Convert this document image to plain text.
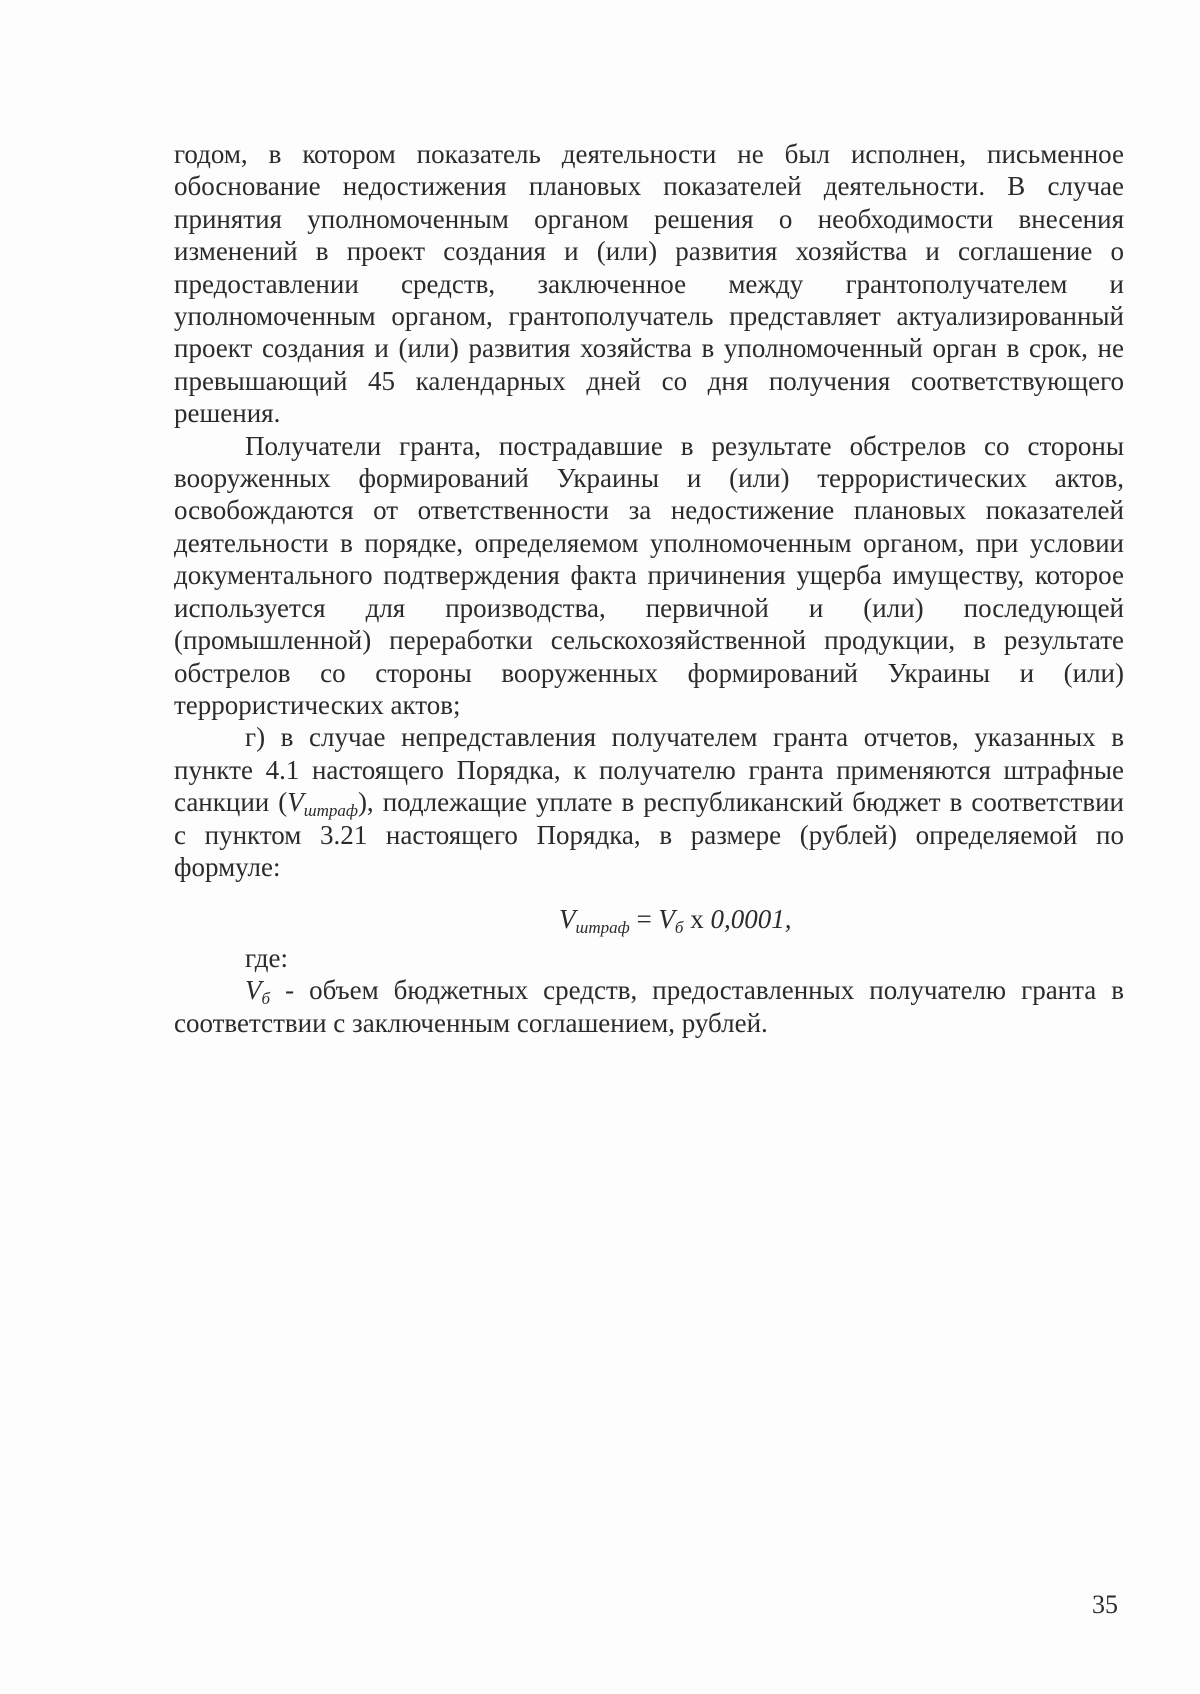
годом, в котором показатель деятельности не был исполнен, письменное обоснование недостижения плановых показателей деятельности. В случае принятия уполномоченным органом решения о необходимости внесения изменений в проект создания и (или) развития хозяйства и соглашение о предоставлении средств, заключенное между грантополучателем и уполномоченным органом, грантополучатель представляет актуализированный проект создания и (или) развития хозяйства в уполномоченный орган в срок, не превышающий 45 календарных дней со дня получения соответствующего решения.

Получатели гранта, пострадавшие в результате обстрелов со стороны вооруженных формирований Украины и (или) террористических актов, освобождаются от ответственности за недостижение плановых показателей деятельности в порядке, определяемом уполномоченным органом, при условии документального подтверждения факта причинения ущерба имуществу, которое используется для производства, первичной и (или) последующей (промышленной) переработки сельскохозяйственной продукции, в результате обстрелов со стороны вооруженных формирований Украины и (или) террористических актов;

г) в случае непредставления получателем гранта отчетов, указанных в пункте 4.1 настоящего Порядка, к получателю гранта применяются штрафные санкции $(V_{штраф})$, подлежащие уплате в республиканский бюджет в соответствии с пунктом 3.21 настоящего Порядка, в размере (рублей) определяемой по формуле:

$V_{штраф} = V_б$ х 0,0001,

где:

$V_б$ - объем бюджетных средств, предоставленных получателю гранта в соответствии с заключенным соглашением, рублей.

35
